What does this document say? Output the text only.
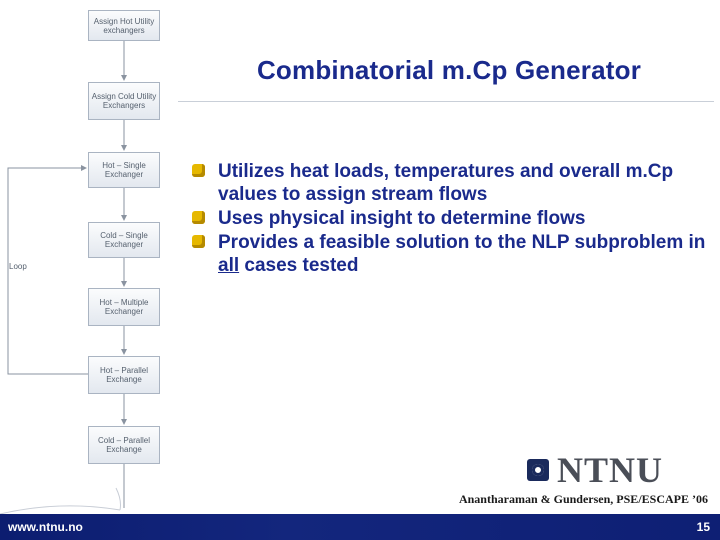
Assign Hot Utility exchangers
Assign Cold Utility Exchangers
Hot – Single Exchanger
Cold – Single Exchanger
Hot – Multiple Exchanger
Hot – Parallel Exchange
Cold – Parallel Exchange
Loop
Combinatorial m.Cp Generator
Utilizes heat loads, temperatures and overall m.Cp values to assign stream flows
Uses physical insight to determine flows
Provides a feasible solution to the NLP subproblem in all cases tested
NTNU
Anantharaman & Gundersen, PSE/ESCAPE ’06
www.ntnu.no	15
